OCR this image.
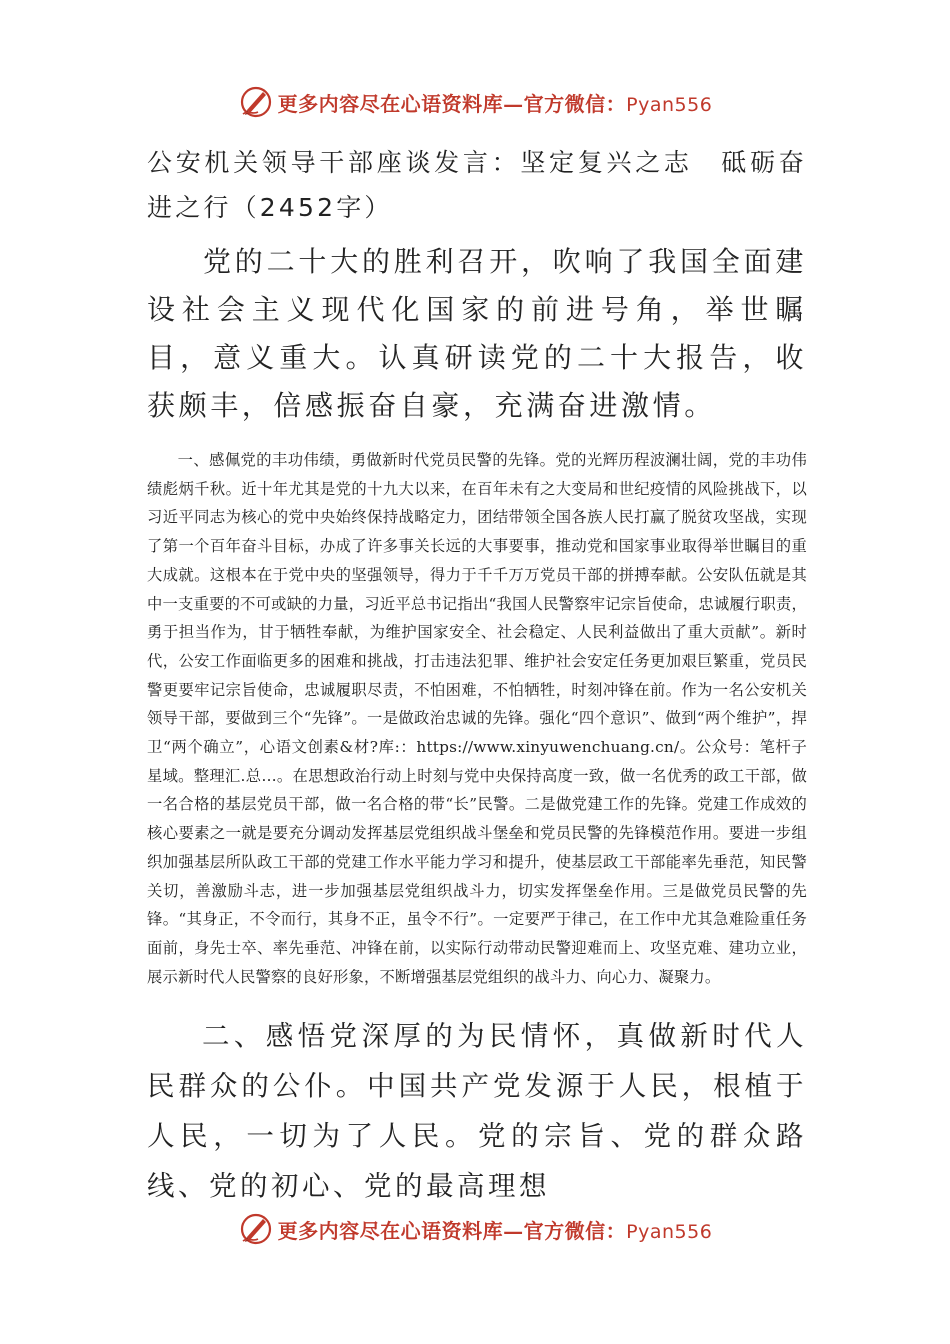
更多内容尽在心语资料库—官方微信：Pyan556
公安机关领导干部座谈发言：坚定复兴之志　砥砺奋进之行（2452字）

党的二十大的胜利召开，吹响了我国全面建设社会主义现代化国家的前进号角，举世瞩目，意义重大。认真研读党的二十大报告，收获颇丰，倍感振奋自豪，充满奋进激情。

一、感佩党的丰功伟绩，勇做新时代党员民警的先锋。党的光辉历程波澜壮阔，党的丰功伟绩彪炳千秋。近十年尤其是党的十九大以来，在百年未有之大变局和世纪疫情的风险挑战下，以习近平同志为核心的党中央始终保持战略定力，团结带领全国各族人民打赢了脱贫攻坚战，实现了第一个百年奋斗目标，办成了许多事关长远的大事要事，推动党和国家事业取得举世瞩目的重大成就。这根本在于党中央的坚强领导，得力于千千万万党员干部的拼搏奉献。公安队伍就是其中一支重要的不可或缺的力量，习近平总书记指出“我国人民警察牢记宗旨使命，忠诚履行职责，勇于担当作为，甘于牺牲奉献，为维护国家安全、社会稳定、人民利益做出了重大贡献”。新时代，公安工作面临更多的困难和挑战，打击违法犯罪、维护社会安定任务更加艰巨繁重，党员民警更要牢记宗旨使命，忠诚履职尽责，不怕困难，不怕牺牲，时刻冲锋在前。作为一名公安机关领导干部，要做到三个“先锋”。一是做政治忠诚的先锋。强化“四个意识”、做到“两个维护”，捍卫“两个确立”，心语文创素&材?库:：https://www.xinyuwenchuang.cn/。公众号：笔杆子星域。整理汇.总…。在思想政治行动上时刻与党中央保持高度一致，做一名优秀的政工干部，做一名合格的基层党员干部，做一名合格的带“长”民警。二是做党建工作的先锋。党建工作成效的核心要素之一就是要充分调动发挥基层党组织战斗堡垒和党员民警的先锋模范作用。要进一步组织加强基层所队政工干部的党建工作水平能力学习和提升，使基层政工干部能率先垂范，知民警关切，善激励斗志，进一步加强基层党组织战斗力，切实发挥堡垒作用。三是做党员民警的先锋。“其身正，不令而行，其身不正，虽令不行”。一定要严于律己，在工作中尤其急难险重任务面前，身先士卒、率先垂范、冲锋在前，以实际行动带动民警迎难而上、攻坚克难、建功立业，展示新时代人民警察的良好形象，不断增强基层党组织的战斗力、向心力、凝聚力。

二、感悟党深厚的为民情怀，真做新时代人民群众的公仆。中国共产党发源于人民，根植于人民，一切为了人民。党的宗旨、党的群众路线、党的初心、党的最高理想

更多内容尽在心语资料库—官方微信：Pyan556
